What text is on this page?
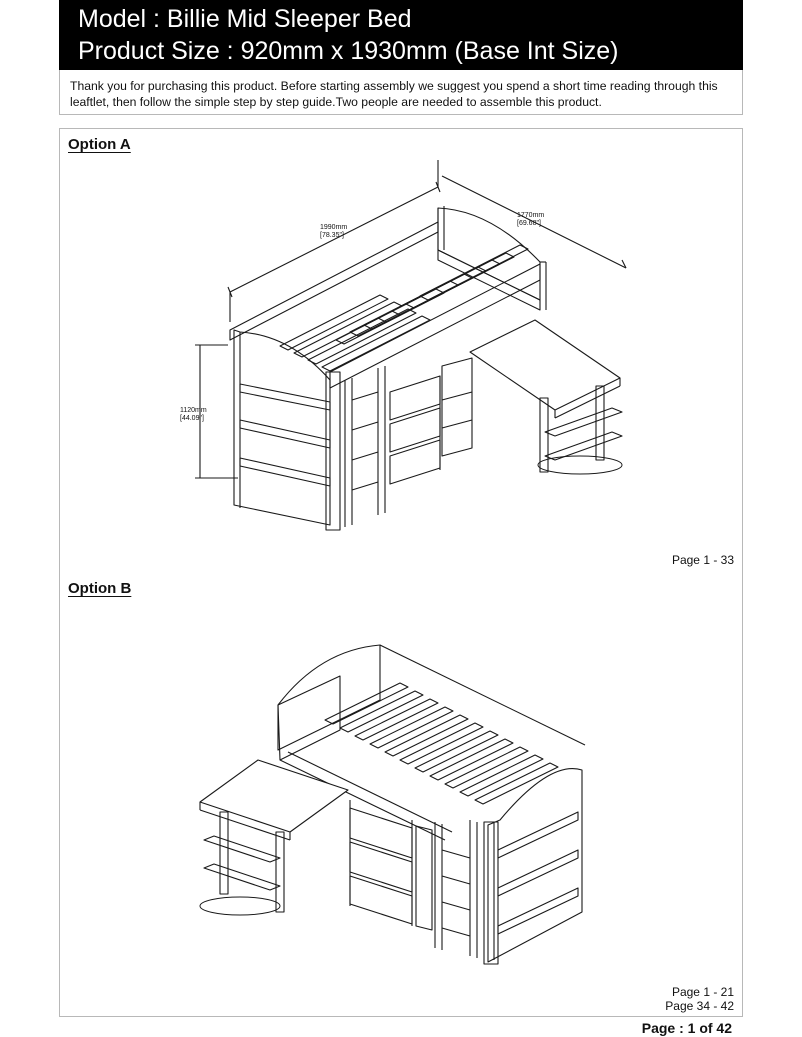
Model : Billie Mid Sleeper Bed
Product Size : 920mm x 1930mm (Base Int Size)

Thank you for purchasing this product. Before starting assembly we suggest you spend a short time reading through this leaftlet, then follow the simple step by step guide.Two people are needed to assemble this product.

Option A
Page 1 - 33
Option B
Page 1 - 21
Page 34 - 42
1990mm
[78.35"]
1770mm
[69.68"]
1120mm
[44.09"]
Page : 1 of 42
